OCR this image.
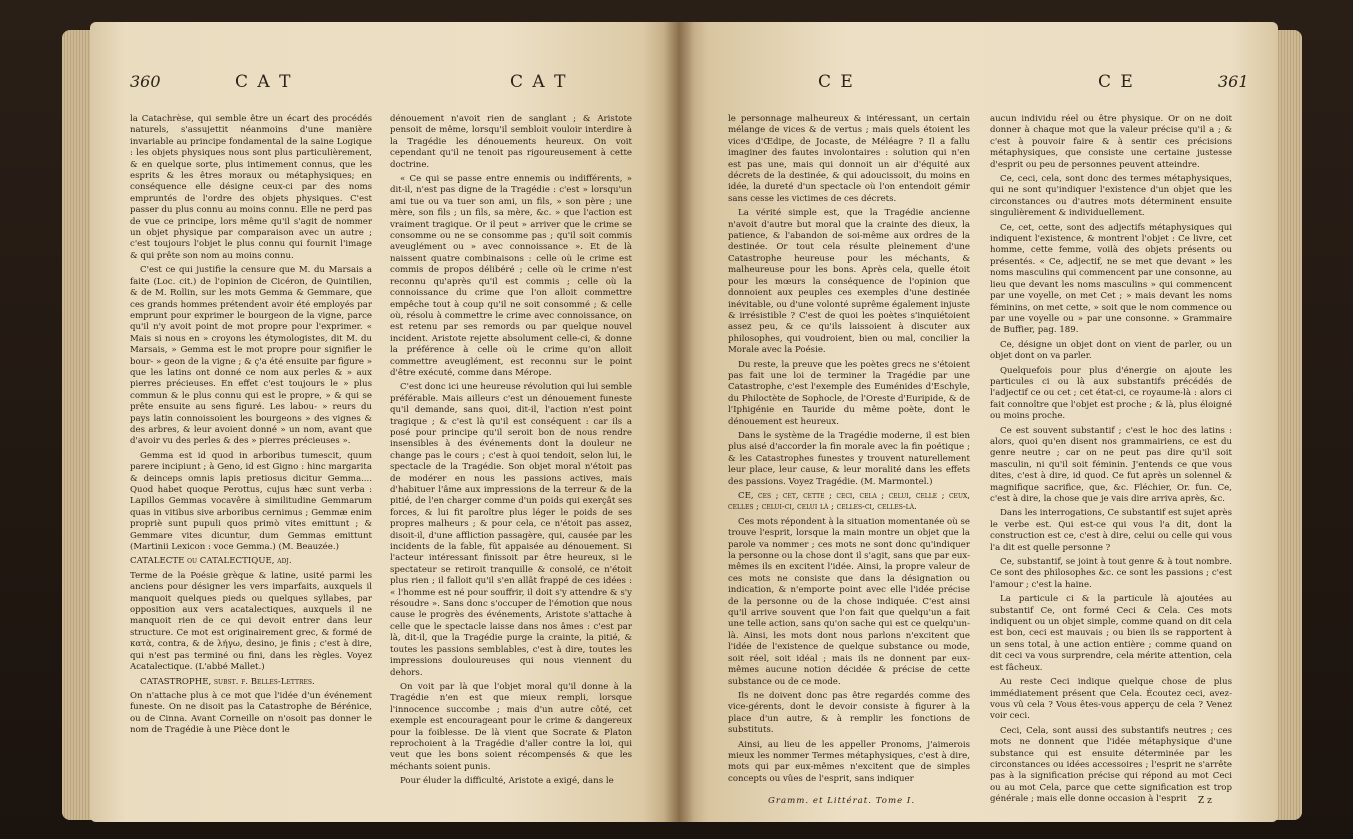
360	C A T	C A T

la Catachrèse, qui semble être un écart des procédés naturels, s'assujettit néanmoins d'une manière invariable au principe fondamental de la saine Logique : les objets physiques nous sont plus particulièrement, & en quelque sorte, plus intimement connus, que les esprits & les êtres moraux ou métaphysiques; en conséquence elle désigne ceux-ci par des noms empruntés de l'ordre des objets physiques. C'est passer du plus connu au moins connu. Elle ne perd pas de vue ce principe, lors même qu'il s'agit de nommer un objet physique par comparaison avec un autre ; c'est toujours l'objet le plus connu qui fournit l'image & qui prête son nom au moins connu.

C'est ce qui justifie la censure que M. du Marsais a faite (Loc. cit.) de l'opinion de Cicéron, de Quintilien, & de M. Rollin, sur les mots Gemma & Gemmare, que ces grands hommes prétendent avoir été employés par emprunt pour exprimer le bourgeon de la vigne, parce qu'il n'y avoit point de mot propre pour l'exprimer. « Mais si nous en » croyons les étymologistes, dit M. du Marsais, » Gemma est le mot propre pour signifier le bour- » geon de la vigne ; & ç'a été ensuite par figure » que les latins ont donné ce nom aux perles & » aux pierres précieuses. En effet c'est toujours le » plus commun & le plus connu qui est le propre, » & qui se prête ensuite au sens figuré. Les labou- » reurs du pays latin connoissoient les bourgeons » des vignes & des arbres, & leur avoient donné » un nom, avant que d'avoir vu des perles & des » pierres précieuses ».

Gemma est id quod in arboribus tumescit, quum parere incipiunt ; à Geno, id est Gigno : hinc margarita & deinceps omnis lapis pretiosus dicitur Gemma.... Quod habet quoque Perottus, cujus hæc sunt verba : Lapillos Gemmas vocavêre à similitudine Gemmarum quas in vitibus sive arboribus cernimus ; Gemmæ enim propriè sunt pupuli quos primò vites emittunt ; & Gemmare vites dicuntur, dum Gemmas emittunt (Martinii Lexicon : voce Gemma.) (M. Beauzée.)

CATALECTE ou CATALECTIQUE, adj.

Terme de la Poésie grèque & latine, usité parmi les anciens pour désigner les vers imparfaits, auxquels il manquoit quelques pieds ou quelques syllabes, par opposition aux vers acatalectiques, auxquels il ne manquoit rien de ce qui devoit entrer dans leur structure. Ce mot est originairement grec, & formé de κατὰ, contra, & de λήγω, desino, je finis ; c'est à dire, qui n'est pas terminé ou fini, dans les règles. Voyez Acatalectique. (L'abbé Mallet.)

CATASTROPHE, subst. f. Belles-Lettres.

On n'attache plus à ce mot que l'idée d'un événement funeste. On ne disoit pas la Catastrophe de Bérénice, ou de Cinna. Avant Corneille on n'osoit pas donner le nom de Tragédie à une Pièce dont le

dénouement n'avoit rien de sanglant ; & Aristote pensoit de même, lorsqu'il sembloit vouloir interdire à la Tragédie les dénouements heureux. On voit cependant qu'il ne tenoit pas rigoureusement à cette doctrine.

« Ce qui se passe entre ennemis ou indifférents, » dit-il, n'est pas digne de la Tragédie : c'est » lorsqu'un ami tue ou va tuer son ami, un fils, » son père ; une mère, son fils ; un fils, sa mère, &c. » que l'action est vraiment tragique. Or il peut » arriver que le crime se consomme ou ne se consomme pas ; qu'il soit commis aveuglément ou » avec connoissance ». Et de là naissent quatre combinaisons : celle où le crime est commis de propos délibéré ; celle où le crime n'est reconnu qu'après qu'il est commis ; celle où la connoissance du crime que l'on alloit commettre empêche tout à coup qu'il ne soit consommé ; & celle où, résolu à commettre le crime avec connoissance, on est retenu par ses remords ou par quelque nouvel incident. Aristote rejette absolument celle-ci, & donne la préférence à celle où le crime qu'on alloit commettre aveuglément, est reconnu sur le point d'être exécuté, comme dans Mérope.

C'est donc ici une heureuse révolution qui lui semble préférable. Mais ailleurs c'est un dénouement funeste qu'il demande, sans quoi, dit-il, l'action n'est point tragique ; & c'est là qu'il est conséquent : car ils a posé pour principe qu'il seroit bon de nous rendre insensibles à des événements dont la douleur ne change pas le cours ; c'est à quoi tendoit, selon lui, le spectacle de la Tragédie. Son objet moral n'étoit pas de modérer en nous les passions actives, mais d'habituer l'âme aux impressions de la terreur & de la pitié, de l'en charger comme d'un poids qui exerçât ses forces, & lui fit paroître plus léger le poids de ses propres malheurs ; & pour cela, ce n'étoit pas assez, disoit-il, d'une affliction passagère, qui, causée par les incidents de la fable, fût appaisée au dénouement. Si l'acteur intéressant finissoit par être heureux, si le spectateur se retiroit tranquille & consolé, ce n'étoit plus rien ; il falloit qu'il s'en allât frappé de ces idées : « l'homme est né pour souffrir, il doit s'y attendre & s'y résoudre ». Sans donc s'occuper de l'émotion que nous cause le progrès des événements, Aristote s'attache à celle que le spectacle laisse dans nos âmes : c'est par là, dit-il, que la Tragédie purge la crainte, la pitié, & toutes les passions semblables, c'est à dire, toutes les impressions douloureuses qui nous viennent du dehors.

On voit par là que l'objet moral qu'il donne à la Tragédie n'en est que mieux rempli, lorsque l'innocence succombe ; mais d'un autre côté, cet exemple est encourageant pour le crime & dangereux pour la foiblesse. De là vient que Socrate & Platon reprochoient à la Tragédie d'aller contre la loi, qui veut que les bons soient récompensés & que les méchants soient punis.

Pour éluder la difficulté, Aristote a exigé, dans le

C E	C E	361

le personnage malheureux & intéressant, un certain mélange de vices & de vertus ; mais quels étoient les vices d'Œdipe, de Jocaste, de Méléagre ? Il a fallu imaginer des fautes involontaires : solution qui n'en est pas une, mais qui donnoit un air d'équité aux décrets de la destinée, & qui adoucissoit, du moins en idée, la dureté d'un spectacle où l'on entendoit gémir sans cesse les victimes de ces décrets.

La vérité simple est, que la Tragédie ancienne n'avoit d'autre but moral que la crainte des dieux, la patience, & l'abandon de soi-même aux ordres de la destinée. Or tout cela résulte pleinement d'une Catastrophe heureuse pour les méchants, & malheureuse pour les bons. Après cela, quelle étoit pour les mœurs la conséquence de l'opinion que donnoient aux peuples ces exemples d'une destinée inévitable, ou d'une volonté suprême également injuste & irrésistible ? C'est de quoi les poètes s'inquiétoient assez peu, & ce qu'ils laissoient à discuter aux philosophes, qui voudroient, bien ou mal, concilier la Morale avec la Poésie.

Du reste, la preuve que les poètes grecs ne s'étoient pas fait une loi de terminer la Tragédie par une Catastrophe, c'est l'exemple des Euménides d'Eschyle, du Philoctète de Sophocle, de l'Oreste d'Euripide, & de l'Iphigénie en Tauride du même poète, dont le dénouement est heureux.

Dans le système de la Tragédie moderne, il est bien plus aisé d'accorder la fin morale avec la fin poétique ; & les Catastrophes funestes y trouvent naturellement leur place, leur cause, & leur moralité dans les effets des passions. Voyez Tragédie. (M. Marmontel.)

CE, ces ; cet, cette ; ceci, cela ; celui, celle ; ceux, celles ; celui-ci, celui là ; celles-ci, celles-là.

Ces mots répondent à la situation momentanée où se trouve l'esprit, lorsque la main montre un objet que la parole va nommer ; ces mots ne sont donc qu'indiquer la personne ou la chose dont il s'agit, sans que par eux-mêmes ils en excitent l'idée. Ainsi, la propre valeur de ces mots ne consiste que dans la désignation ou indication, & n'emporte point avec elle l'idée précise de la personne ou de la chose indiquée. C'est ainsi qu'il arrive souvent que l'on fait que quelqu'un a fait une telle action, sans qu'on sache qui est ce quelqu'un-là. Ainsi, les mots dont nous parlons n'excitent que l'idée de l'existence de quelque substance ou mode, soit réel, soit idéal ; mais ils ne donnent par eux-mêmes aucune notion décidée & précise de cette substance ou de ce mode.

Ils ne doivent donc pas être regardés comme des vice-gérents, dont le devoir consiste à figurer à la place d'un autre, & à remplir les fonctions de substituts.

Ainsi, au lieu de les appeller Pronoms, j'aimerois mieux les nommer Termes métaphysiques, c'est à dire, mots qui par eux-mêmes n'excitent que de simples concepts ou vûes de l'esprit, sans indiquer

aucun individu réel ou être physique. Or on ne doit donner à chaque mot que la valeur précise qu'il a ; & c'est à pouvoir faire & à sentir ces précisions métaphysiques, que consiste une certaine justesse d'esprit ou peu de personnes peuvent atteindre.

Ce, ceci, cela, sont donc des termes métaphysiques, qui ne sont qu'indiquer l'existence d'un objet que les circonstances ou d'autres mots déterminent ensuite singulièrement & individuellement.

Ce, cet, cette, sont des adjectifs métaphysiques qui indiquent l'existence, & montrent l'objet : Ce livre, cet homme, cette femme, voilà des objets présents ou présentés. « Ce, adjectif, ne se met que devant » les noms masculins qui commencent par une consonne, au lieu que devant les noms masculins » qui commencent par une voyelle, on met Cet ; » mais devant les noms féminins, on met cette, » soit que le nom commence ou par une voyelle ou » par une consonne. » Grammaire de Buffier, pag. 189.

Ce, désigne un objet dont on vient de parler, ou un objet dont on va parler.

Quelquefois pour plus d'énergie on ajoute les particules ci ou là aux substantifs précédés de l'adjectif ce ou cet ; cet état-ci, ce royaume-là : alors ci fait connoître que l'objet est proche ; & là, plus éloigné ou moins proche.

Ce est souvent substantif ; c'est le hoc des latins : alors, quoi qu'en disent nos grammairiens, ce est du genre neutre ; car on ne peut pas dire qu'il soit masculin, ni qu'il soit féminin. J'entends ce que vous dites, c'est à dire, id quod. Ce fut après un solennel & magnifique sacrifice, que, &c. Fléchier, Or. fun. Ce, c'est à dire, la chose que je vais dire arriva après, &c.

Dans les interrogations, Ce substantif est sujet après le verbe est. Qui est-ce qui vous l'a dit, dont la construction est ce, c'est à dire, celui ou celle qui vous l'a dit est quelle personne ?

Ce, substantif, se joint à tout genre & à tout nombre. Ce sont des philosophes &c. ce sont les passions ; c'est l'amour ; c'est la haine.

La particule ci & la particule là ajoutées au substantif Ce, ont formé Ceci & Cela. Ces mots indiquent ou un objet simple, comme quand on dit cela est bon, ceci est mauvais ; ou bien ils se rapportent à un sens total, à une action entière ; comme quand on dit ceci va vous surprendre, cela mérite attention, cela est fâcheux.

Au reste Ceci indique quelque chose de plus immédiatement présent que Cela. Écoutez ceci, avez-vous vû cela ? Vous êtes-vous apperçu de cela ? Venez voir ceci.

Ceci, Cela, sont aussi des substantifs neutres ; ces mots ne donnent que l'idée métaphysique d'une substance qui est ensuite déterminée par les circonstances ou idées accessoires ; l'esprit ne s'arrête pas à la signification précise qui répond au mot Ceci ou au mot Cela, parce que cette signification est trop générale ; mais elle donne occasion à l'esprit

Gramm. et Littérat. Tome I.	Z z
